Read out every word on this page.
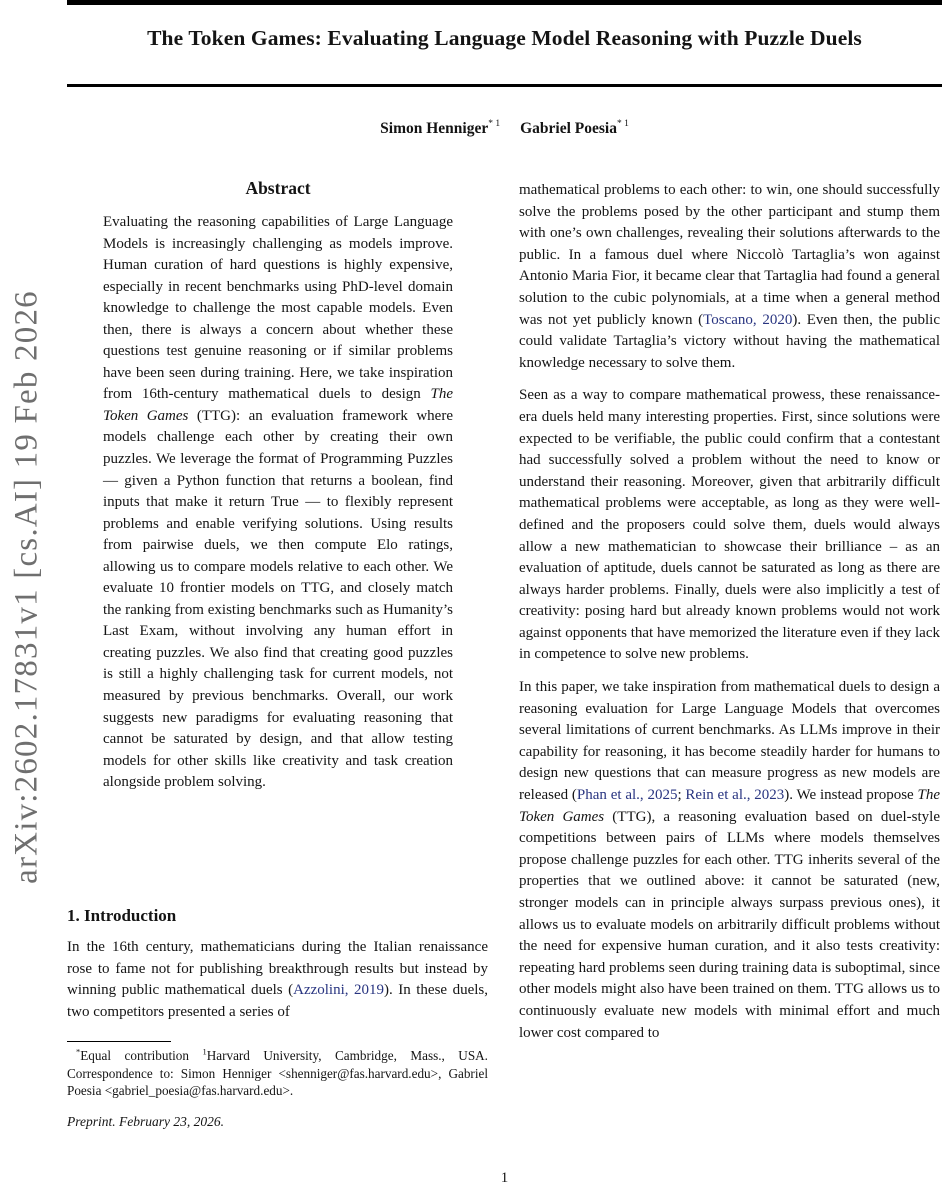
arXiv:2602.17831v1 [cs.AI] 19 Feb 2026
The Token Games: Evaluating Language Model Reasoning with Puzzle Duels
Simon Henniger$^{* 1}$ Gabriel Poesia$^{* 1}$
Abstract

Evaluating the reasoning capabilities of Large Language Models is increasingly challenging as models improve. Human curation of hard questions is highly expensive, especially in recent benchmarks using PhD-level domain knowledge to challenge the most capable models. Even then, there is always a concern about whether these questions test genuine reasoning or if similar problems have been seen during training. Here, we take inspiration from 16th-century mathematical duels to design The Token Games (TTG): an evaluation framework where models challenge each other by creating their own puzzles. We leverage the format of Programming Puzzles — given a Python function that returns a boolean, find inputs that make it return True — to flexibly represent problems and enable verifying solutions. Using results from pairwise duels, we then compute Elo ratings, allowing us to compare models relative to each other. We evaluate 10 frontier models on TTG, and closely match the ranking from existing benchmarks such as Humanity’s Last Exam, without involving any human effort in creating puzzles. We also find that creating good puzzles is still a highly challenging task for current models, not measured by previous benchmarks. Overall, our work suggests new paradigms for evaluating reasoning that cannot be saturated by design, and that allow testing models for other skills like creativity and task creation alongside problem solving.

1. Introduction

In the 16th century, mathematicians during the Italian renaissance rose to fame not for publishing breakthrough results but instead by winning public mathematical duels (Azzolini, 2019). In these duels, two competitors presented a series of

*Equal contribution $^1$Harvard University, Cambridge, Mass., USA. Correspondence to: Simon Henniger <shenniger@fas.harvard.edu>, Gabriel Poesia <gabriel_poesia@fas.harvard.edu>.

Preprint. February 23, 2026.

mathematical problems to each other: to win, one should successfully solve the problems posed by the other participant and stump them with one’s own challenges, revealing their solutions afterwards to the public. In a famous duel where Niccolò Tartaglia’s won against Antonio Maria Fior, it became clear that Tartaglia had found a general solution to the cubic polynomials, at a time when a general method was not yet publicly known (Toscano, 2020). Even then, the public could validate Tartaglia’s victory without having the mathematical knowledge necessary to solve them.

Seen as a way to compare mathematical prowess, these renaissance-era duels held many interesting properties. First, since solutions were expected to be verifiable, the public could confirm that a contestant had successfully solved a problem without the need to know or understand their reasoning. Moreover, given that arbitrarily difficult mathematical problems were acceptable, as long as they were well-defined and the proposers could solve them, duels would always allow a new mathematician to showcase their brilliance – as an evaluation of aptitude, duels cannot be saturated as long as there are always harder problems. Finally, duels were also implicitly a test of creativity: posing hard but already known problems would not work against opponents that have memorized the literature even if they lack in competence to solve new problems.

In this paper, we take inspiration from mathematical duels to design a reasoning evaluation for Large Language Models that overcomes several limitations of current benchmarks. As LLMs improve in their capability for reasoning, it has become steadily harder for humans to design new questions that can measure progress as new models are released (Phan et al., 2025; Rein et al., 2023). We instead propose The Token Games (TTG), a reasoning evaluation based on duel-style competitions between pairs of LLMs where models themselves propose challenge puzzles for each other. TTG inherits several of the properties that we outlined above: it cannot be saturated (new, stronger models can in principle always surpass previous ones), it allows us to evaluate models on arbitrarily difficult problems without the need for expensive human curation, and it also tests creativity: repeating hard problems seen during training data is suboptimal, since other models might also have been trained on them. TTG allows us to continuously evaluate new models with minimal effort and much lower cost compared to

1
